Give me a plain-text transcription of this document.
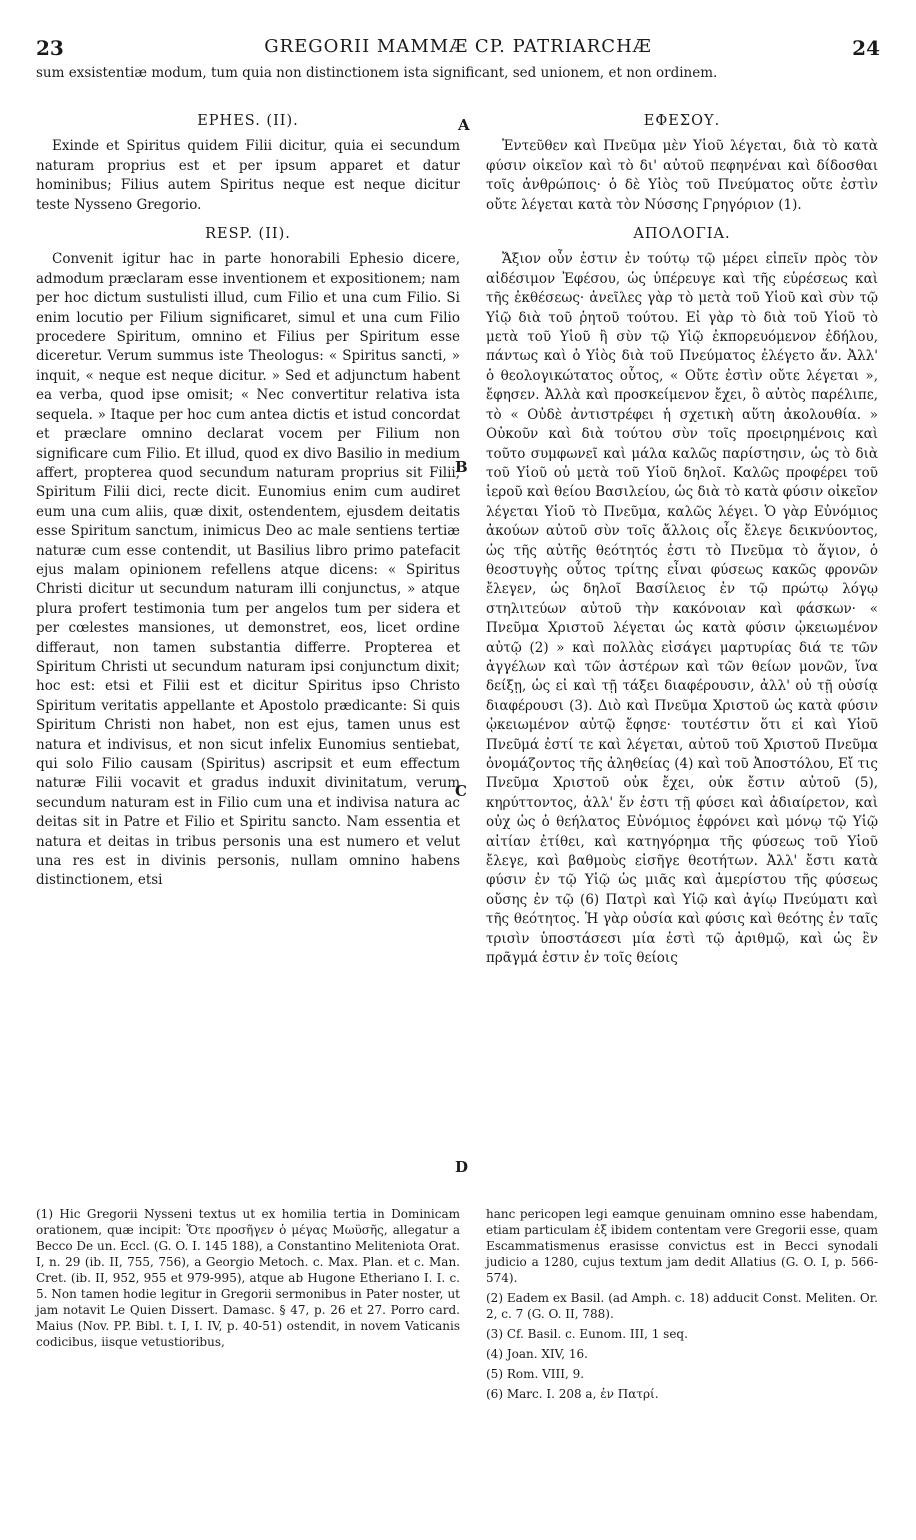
23	GREGORII MAMMÆ CP. PATRIARCHÆ	24
sum exsistentiæ modum, tum quia non distinctionem ista significant, sed unionem, et non ordinem.
EPHES. (II).

Exinde et Spiritus quidem Filii dicitur, quia ei secundum naturam proprius est et per ipsum apparet et datur hominibus; Filius autem Spiritus neque est neque dicitur teste Nysseno Gregorio.

RESP. (II).

Convenit igitur hac in parte honorabili Ephesio dicere, admodum præclaram esse inventionem et expositionem; nam per hoc dictum sustulisti illud, cum Filio et una cum Filio. Si enim locutio per Filium significaret, simul et una cum Filio procedere Spiritum, omnino et Filius per Spiritum esse diceretur. Verum summus iste Theologus: « Spiritus sancti, » inquit, « neque est neque dicitur. » Sed et adjunctum habent ea verba, quod ipse omisit; « Nec convertitur relativa ista sequela. » Itaque per hoc cum antea dictis et istud concordat et præclare omnino declarat vocem per Filium non significare cum Filio. Et illud, quod ex divo Basilio in medium affert, propterea quod secundum naturam proprius sit Filii, Spiritum Filii dici, recte dicit. Eunomius enim cum audiret eum una cum aliis, quæ dixit, ostendentem, ejusdem deitatis esse Spiritum sanctum, inimicus Deo ac male sentiens tertiæ naturæ cum esse contendit, ut Basilius libro primo patefacit ejus malam opinionem refellens atque dicens: « Spiritus Christi dicitur ut secundum naturam illi conjunctus, » atque plura profert testimonia tum per angelos tum per sidera et per cœlestes mansiones, ut demonstret, eos, licet ordine differaut, non tamen substantia differre. Propterea et Spiritum Christi ut secundum naturam ipsi conjunctum dixit; hoc est: etsi et Filii est et dicitur Spiritus ipso Christo Spiritum veritatis appellante et Apostolo prædicante: Si quis Spiritum Christi non habet, non est ejus, tamen unus est natura et indivisus, et non sicut infelix Eunomius sentiebat, qui solo Filio causam (Spiritus) ascripsit et eum effectum naturæ Filii vocavit et gradus induxit divinitatum, verum secundum naturam est in Filio cum una et indivisa natura ac deitas sit in Patre et Filio et Spiritu sancto. Nam essentia et natura et deitas in tribus personis una est numero et velut una res est in divinis personis, nullam omnino habens distinctionem, etsi

ΕΦΕΣΟΥ.

Ἐντεῦθεν καὶ Πνεῦμα μὲν Υἱοῦ λέγεται, διὰ τὸ κατὰ φύσιν οἰκεῖον καὶ τὸ δι' αὐτοῦ πεφηνέναι καὶ δίδοσθαι τοῖς ἀνθρώποις· ὁ δὲ Υἱὸς τοῦ Πνεύματος οὔτε ἐστὶν οὔτε λέγεται κατὰ τὸν Νύσσης Γρηγόριον (1).

ΑΠΟΛΟΓΙΑ.

Ἄξιον οὖν ἐστιν ἐν τούτῳ τῷ μέρει εἰπεῖν πρὸς τὸν αἰδέσιμον Ἐφέσου, ὡς ὑπέρευγε καὶ τῆς εὑρέσεως καὶ τῆς ἐκθέσεως· ἀνεῖλες γὰρ τὸ μετὰ τοῦ Υἱοῦ καὶ σὺν τῷ Υἱῷ διὰ τοῦ ῥητοῦ τούτου. Εἰ γὰρ τὸ διὰ τοῦ Υἱοῦ τὸ μετὰ τοῦ Υἱοῦ ἢ σὺν τῷ Υἱῷ ἐκπορευόμενον ἐδήλου, πάντως καὶ ὁ Υἱὸς διὰ τοῦ Πνεύματος ἐλέγετο ἄν. Ἀλλ' ὁ θεολογικώτατος οὗτος, « Οὔτε ἐστὶν οὔτε λέγεται », ἔφησεν. Ἀλλὰ καὶ προσκείμενον ἔχει, ὃ αὐτὸς παρέλιπε, τὸ « Οὐδὲ ἀντιστρέφει ἡ σχετικὴ αὕτη ἀκολουθία. » Οὐκοῦν καὶ διὰ τούτου σὺν τοῖς προειρημένοις καὶ τοῦτο συμφωνεῖ καὶ μάλα καλῶς παρίστησιν, ὡς τὸ διὰ τοῦ Υἱοῦ οὐ μετὰ τοῦ Υἱοῦ δηλοῖ. Καλῶς προφέρει τοῦ ἱεροῦ καὶ θείου Βασιλείου, ὡς διὰ τὸ κατὰ φύσιν οἰκεῖον λέγεται Υἱοῦ τὸ Πνεῦμα, καλῶς λέγει. Ὁ γὰρ Εὐνόμιος ἀκούων αὐτοῦ σὺν τοῖς ἄλλοις οἷς ἔλεγε δεικνύοντος, ὡς τῆς αὐτῆς θεότητός ἐστι τὸ Πνεῦμα τὸ ἅγιον, ὁ θεοστυγὴς οὗτος τρίτης εἶναι φύσεως κακῶς φρονῶν ἔλεγεν, ὡς δηλοῖ Βασίλειος ἐν τῷ πρώτῳ λόγῳ στηλιτεύων αὐτοῦ τὴν κακόνοιαν καὶ φάσκων· « Πνεῦμα Χριστοῦ λέγεται ὡς κατὰ φύσιν ᾠκειωμένον αὐτῷ (2) » καὶ πολλὰς εἰσάγει μαρτυρίας διά τε τῶν ἀγγέλων καὶ τῶν ἀστέρων καὶ τῶν θείων μονῶν, ἵνα δείξῃ, ὡς εἰ καὶ τῇ τάξει διαφέρουσιν, ἀλλ' οὐ τῇ οὐσίᾳ διαφέρουσι (3). Διὸ καὶ Πνεῦμα Χριστοῦ ὡς κατὰ φύσιν ᾠκειωμένον αὐτῷ ἔφησε· τουτέστιν ὅτι εἰ καὶ Υἱοῦ Πνεῦμά ἐστί τε καὶ λέγεται, αὐτοῦ τοῦ Χριστοῦ Πνεῦμα ὀνομάζοντος τῆς ἀληθείας (4) καὶ τοῦ Ἀποστόλου, Εἴ τις Πνεῦμα Χριστοῦ οὐκ ἔχει, οὐκ ἔστιν αὐτοῦ (5), κηρύττοντος, ἀλλ' ἕν ἐστι τῇ φύσει καὶ ἀδιαίρετον, καὶ οὐχ ὡς ὁ θεήλατος Εὐνόμιος ἐφρόνει καὶ μόνῳ τῷ Υἱῷ αἰτίαν ἐτίθει, καὶ κατηγόρημα τῆς φύσεως τοῦ Υἱοῦ ἔλεγε, καὶ βαθμοὺς εἰσῆγε θεοτήτων. Ἀλλ' ἔστι κατὰ φύσιν ἐν τῷ Υἱῷ ὡς μιᾶς καὶ ἀμερίστου τῆς φύσεως οὔσης ἐν τῷ (6) Πατρὶ καὶ Υἱῷ καὶ ἁγίῳ Πνεύματι καὶ τῆς θεότητος. Ἡ γὰρ οὐσία καὶ φύσις καὶ θεότης ἐν ταῖς τρισὶν ὑποστάσεσι μία ἐστὶ τῷ ἀριθμῷ, καὶ ὡς ἓν πρᾶγμά ἐστιν ἐν τοῖς θείοις

A
B
C
D

(1) Hic Gregorii Nysseni textus ut ex homilia tertia in Dominicam orationem, quæ incipit: Ὅτε προσῆγεν ὁ μέγας Μωϋσῆς, allegatur a Becco De un. Eccl. (G. O. I. 145 188), a Constantino Meliteniota Orat. I, n. 29 (ib. II, 755, 756), a Georgio Metoch. c. Max. Plan. et c. Man. Cret. (ib. II, 952, 955 et 979-995), atque ab Hugone Etheriano I. I. c. 5. Non tamen hodie legitur in Gregorii sermonibus in Pater noster, ut jam notavit Le Quien Dissert. Damasc. § 47, p. 26 et 27. Porro card. Maius (Nov. PP. Bibl. t. I, I. IV, p. 40-51) ostendit, in novem Vaticanis codicibus, iisque vetustioribus,

hanc pericopen legi eamque genuinam omnino esse habendam, etiam particulam ἐξ ibidem contentam vere Gregorii esse, quam Escammatismenus erasisse convictus est in Becci synodali judicio a 1280, cujus textum jam dedit Allatius (G. O. I, p. 566-574).

(2) Eadem ex Basil. (ad Amph. c. 18) adducit Const. Meliten. Or. 2, c. 7 (G. O. II, 788).

(3) Cf. Basil. c. Eunom. III, 1 seq.

(4) Joan. XIV, 16.

(5) Rom. VIII, 9.

(6) Marc. I. 208 a, ἐν Πατρί.
